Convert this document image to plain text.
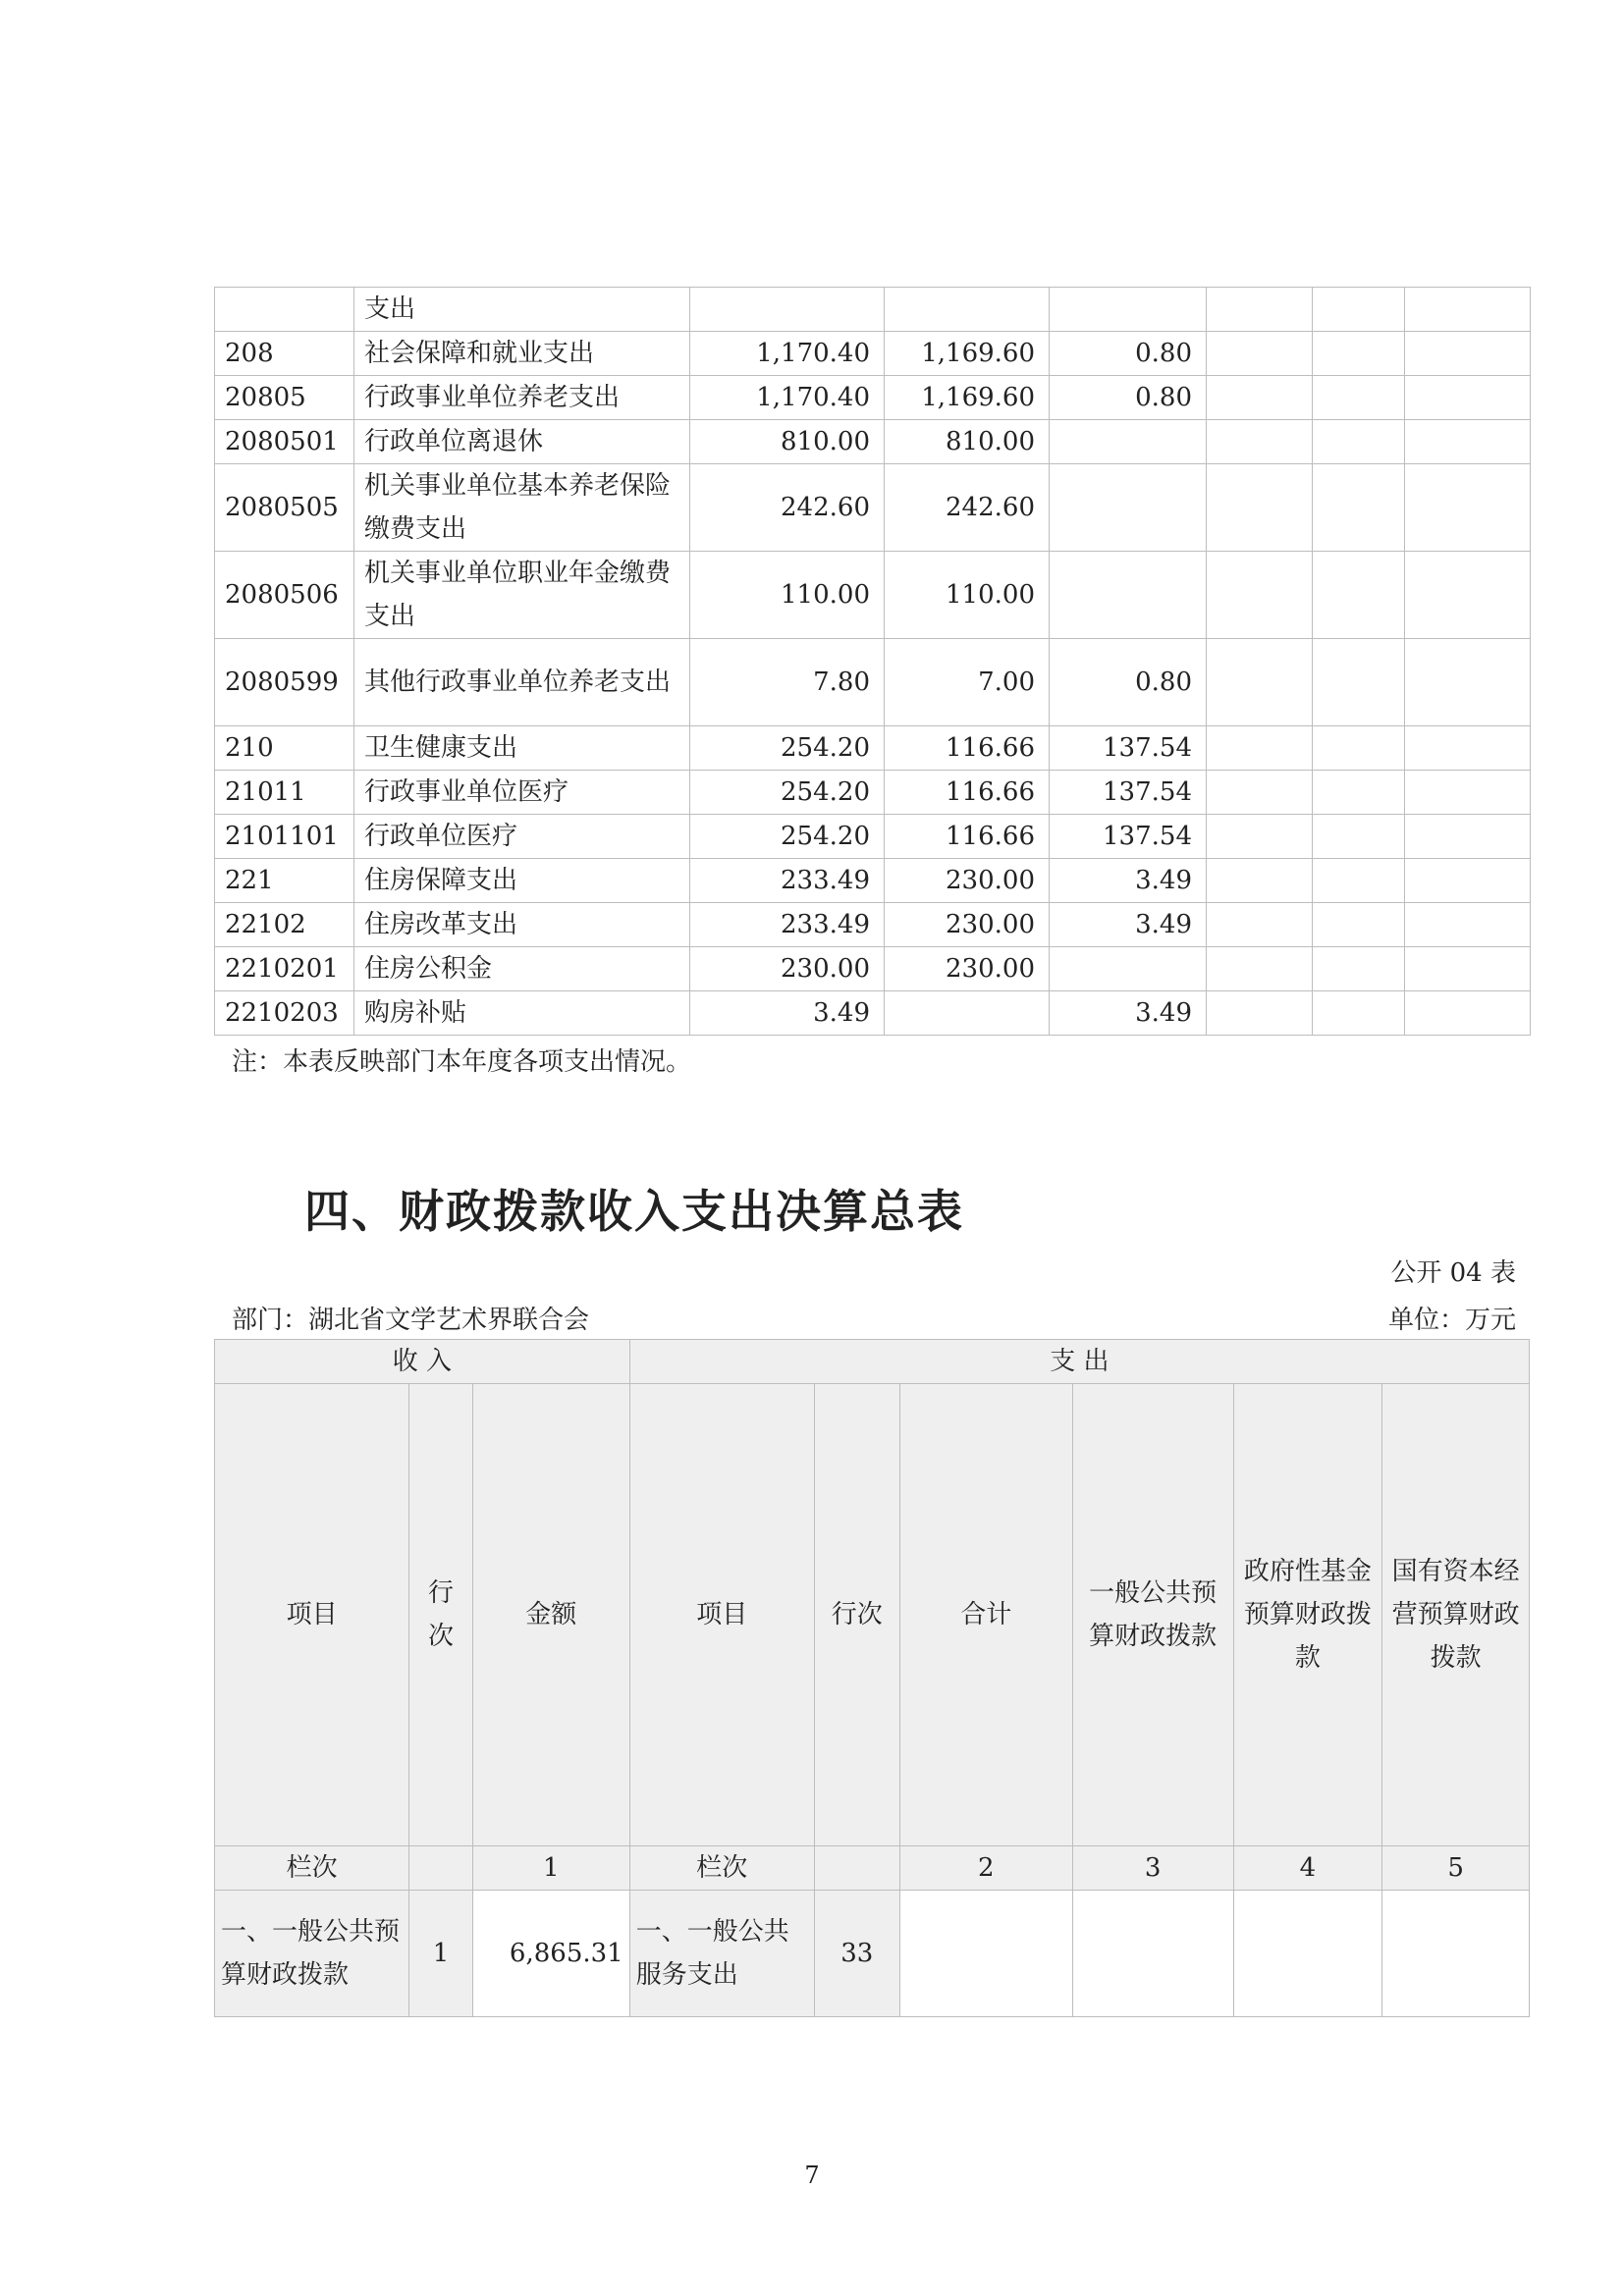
	支出						
208	社会保障和就业支出	1,170.40	1,169.60	0.80			
20805	行政事业单位养老支出	1,170.40	1,169.60	0.80			
2080501	行政单位离退休	810.00	810.00				
2080505	机关事业单位基本养老保险缴费支出	242.60	242.60				
2080506	机关事业单位职业年金缴费支出	110.00	110.00				
2080599	其他行政事业单位养老支出	7.80	7.00	0.80			
210	卫生健康支出	254.20	116.66	137.54			
21011	行政事业单位医疗	254.20	116.66	137.54			
2101101	行政单位医疗	254.20	116.66	137.54			
221	住房保障支出	233.49	230.00	3.49			
22102	住房改革支出	233.49	230.00	3.49			
2210201	住房公积金	230.00	230.00				
2210203	购房补贴	3.49		3.49			
注：本表反映部门本年度各项支出情况。
四、财政拨款收入支出决算总表
公开 04 表
部门：湖北省文学艺术界联合会	单位：万元
收 入			支 出					
项目	行次	金额	项目	行次	合计	一般公共预算财政拨款	政府性基金预算财政拨款	国有资本经营预算财政拨款
栏次		1	栏次		2	3	4	5
一、一般公共预算财政拨款	1	6,865.31	一、一般公共服务支出	33				
7
